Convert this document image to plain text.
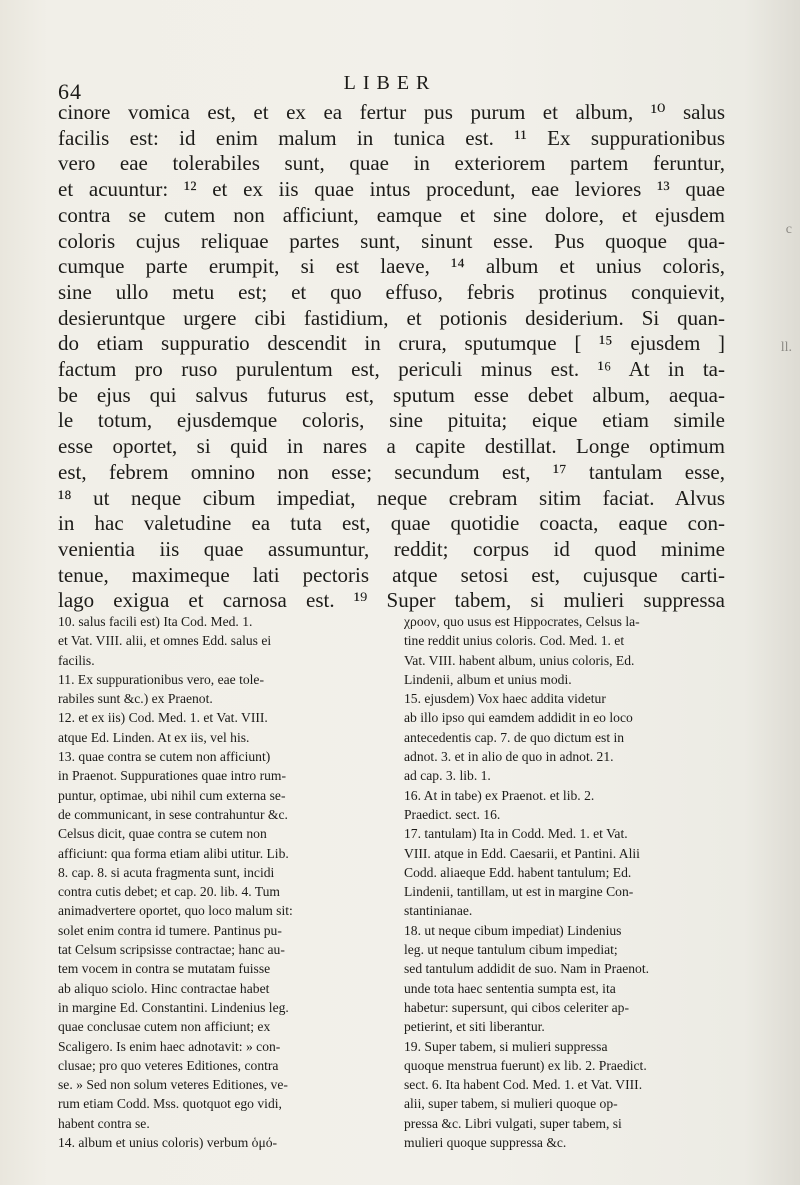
64	LIBER
cinore vomica est, et ex ea fertur pus purum et album, ¹⁰ salus
facilis est: id enim malum in tunica est. ¹¹ Ex suppurationibus
vero eae tolerabiles sunt, quae in exteriorem partem feruntur,
et acuuntur: ¹² et ex iis quae intus procedunt, eae leviores ¹³ quae
contra se cutem non afficiunt, eamque et sine dolore, et ejusdem
coloris cujus reliquae partes sunt, sinunt esse. Pus quoque qua-
cumque parte erumpit, si est laeve, ¹⁴ album et unius coloris,
sine ullo metu est; et quo effuso, febris protinus conquievit,
desieruntque urgere cibi fastidium, et potionis desiderium. Si quan-
do etiam suppuratio descendit in crura, sputumque [ ¹⁵ ejusdem ]
factum pro ruso purulentum est, periculi minus est. ¹⁶ At in ta-
be ejus qui salvus futurus est, sputum esse debet album, aequa-
le totum, ejusdemque coloris, sine pituita; eique etiam simile
esse oportet, si quid in nares a capite destillat. Longe optimum
est, febrem omnino non esse; secundum est, ¹⁷ tantulam esse,
¹⁸ ut neque cibum impediat, neque crebram sitim faciat. Alvus
in hac valetudine ea tuta est, quae quotidie coacta, eaque con-
venientia iis quae assumuntur, reddit; corpus id quod minime
tenue, maximeque lati pectoris atque setosi est, cujusque carti-
lago exigua et carnosa est. ¹⁹ Super tabem, si mulieri suppressa
10. salus facili est) Ita Cod. Med. 1.
et Vat. VIII. alii, et omnes Edd. salus ei
facilis.
11. Ex suppurationibus vero, eae tole-
rabiles sunt &c.) ex Praenot.
12. et ex iis) Cod. Med. 1. et Vat. VIII.
atque Ed. Linden. At ex iis, vel his.
13. quae contra se cutem non afficiunt)
in Praenot. Suppurationes quae intro rum-
puntur, optimae, ubi nihil cum externa se-
de communicant, in sese contrahuntur &c.
Celsus dicit, quae contra se cutem non
afficiunt: qua forma etiam alibi utitur. Lib.
8. cap. 8. si acuta fragmenta sunt, incidi
contra cutis debet; et cap. 20. lib. 4. Tum
animadvertere oportet, quo loco malum sit:
solet enim contra id tumere. Pantinus pu-
tat Celsum scripsisse contractae; hanc au-
tem vocem in contra se mutatam fuisse
ab aliquo sciolo. Hinc contractae habet
in margine Ed. Constantini. Lindenius leg.
quae conclusae cutem non afficiunt; ex
Scaligero. Is enim haec adnotavit: » con-
clusae; pro quo veteres Editiones, contra
se. » Sed non solum veteres Editiones, ve-
rum etiam Codd. Mss. quotquot ego vidi,
habent contra se.
14. album et unius coloris) verbum ὁμό-
χροον, quo usus est Hippocrates, Celsus la-
tine reddit unius coloris. Cod. Med. 1. et
Vat. VIII. habent album, unius coloris, Ed.
Lindenii, album et unius modi.
15. ejusdem) Vox haec addita videtur
ab illo ipso qui eamdem addidit in eo loco
antecedentis cap. 7. de quo dictum est in
adnot. 3. et in alio de quo in adnot. 21.
ad cap. 3. lib. 1.
16. At in tabe) ex Praenot. et lib. 2.
Praedict. sect. 16.
17. tantulam) Ita in Codd. Med. 1. et Vat.
VIII. atque in Edd. Caesarii, et Pantini. Alii
Codd. aliaeque Edd. habent tantulum; Ed.
Lindenii, tantillam, ut est in margine Con-
stantinianae.
18. ut neque cibum impediat) Lindenius
leg. ut neque tantulum cibum impediat;
sed tantulum addidit de suo. Nam in Praenot.
unde tota haec sententia sumpta est, ita
habetur: supersunt, qui cibos celeriter ap-
petierint, et siti liberantur.
19. Super tabem, si mulieri suppressa
quoque menstrua fuerunt) ex lib. 2. Praedict.
sect. 6. Ita habent Cod. Med. 1. et Vat. VIII.
alii, super tabem, si mulieri quoque op-
pressa &c. Libri vulgati, super tabem, si
mulieri quoque suppressa &c.
c
ll.
